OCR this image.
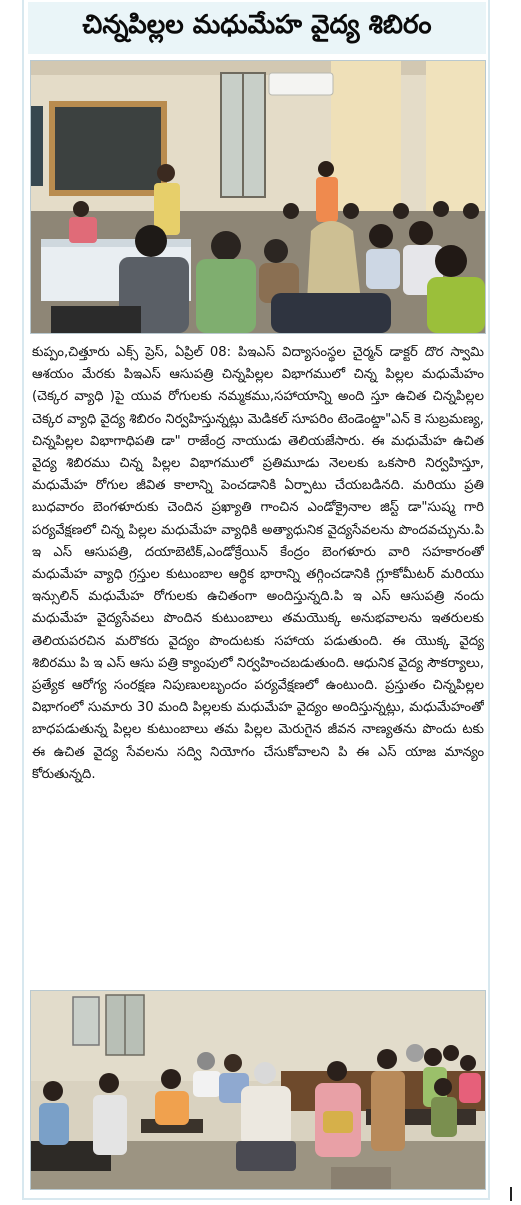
చిన్నపిల్లల మధుమేహ వైద్య శిబిరం

కుప్పం,చిత్తూరు ఎక్స్ ప్రెస్, ఏప్రిల్ 08: పిఇఎస్ విద్యాసంస్థల చైర్మన్ డాక్టర్ దొర స్వామి ఆశయం మేరకు పిఇఎస్ ఆసుపత్రి చిన్నపిల్లల విభాగములో చిన్న పిల్లల మధుమేహం (చెక్కర వ్యాధి )పై యువ రోగులకు నమ్మకము,సహాయాన్ని అంది స్తూ ఉచిత చిన్నపిల్లల చెక్కర వ్యాధి వైద్య శిబిరం నిర్వహిస్తున్నట్లు మెడికల్ సూపరిం టెండెంట్డా"ఎన్ కె సుబ్రమణ్య, చిన్నపిల్లల విభాగాధిపతి డా" రాజేంద్ర నాయుడు తెలియజేసారు. ఈ మధుమేహ ఉచిత వైద్య శిబిరము చిన్న పిల్లల విభాగములో ప్రతిమూడు నెలలకు ఒకసారి నిర్వహిస్తూ, మధుమేహ రోగుల జీవిత కాలాన్ని పెంచడానికి ఏర్పాటు చేయబడినది. మరియు ప్రతి బుధవారం బెంగళూరుకు చెందిన ప్రఖ్యాతి గాంచిన ఎండోక్రైనాల జిస్ట్ డా"సుష్మ గారి పర్యవేక్షణలో చిన్న పిల్లల మధుమేహ వ్యాధికి అత్యాధునిక వైద్యసేవలను పొందవచ్చును.పి ఇ ఎస్ ఆసుపత్రి, దయాబెటిక్,ఎండోక్రేయిన్ కేంద్రం బెంగళూరు వారి సహకారంతో మధుమేహ వ్యాధి గ్రస్తుల కుటుంబాల ఆర్థిక భారాన్ని తగ్గించడానికి గ్లూకోమీటర్ మరియు ఇన్సులిన్ మధుమేహ రోగులకు ఉచితంగా అందిస్తున్నది.పి ఇ ఎస్ ఆసుపత్రి నందు మధుమేహ వైద్యసేవలు పొందిన కుటుంబాలు తమయొక్క అనుభవాలను ఇతరులకు తెలియపరచిన మరొకరు వైద్యం పొందుటకు సహాయ పడుతుంది. ఈ యొక్క వైద్య శిబిరము పి ఇ ఎస్ ఆసు పత్రి క్యాంపులో నిర్వహించబడుతుంది. ఆధునిక వైద్య సౌకర్యాలు, ప్రత్యేక ఆరోగ్య సంరక్షణ నిపుణులబృందం పర్యవేక్షణలో ఉంటుంది. ప్రస్తుతం చిన్నపిల్లల విభాగంలో సుమారు 30 మంది పిల్లలకు మధుమేహ వైద్యం అందిస్తున్నట్లు, మధుమేహంతో బాధపడుతున్న పిల్లల కుటుంబాలు తమ పిల్లల మెరుగైన జీవన నాణ్యతను పొందు టకు ఈ ఉచిత వైద్య సేవలను సద్వి నియోగం చేసుకోవాలని పి ఈ ఎస్ యాజ మాన్యం కోరుతున్నది.
